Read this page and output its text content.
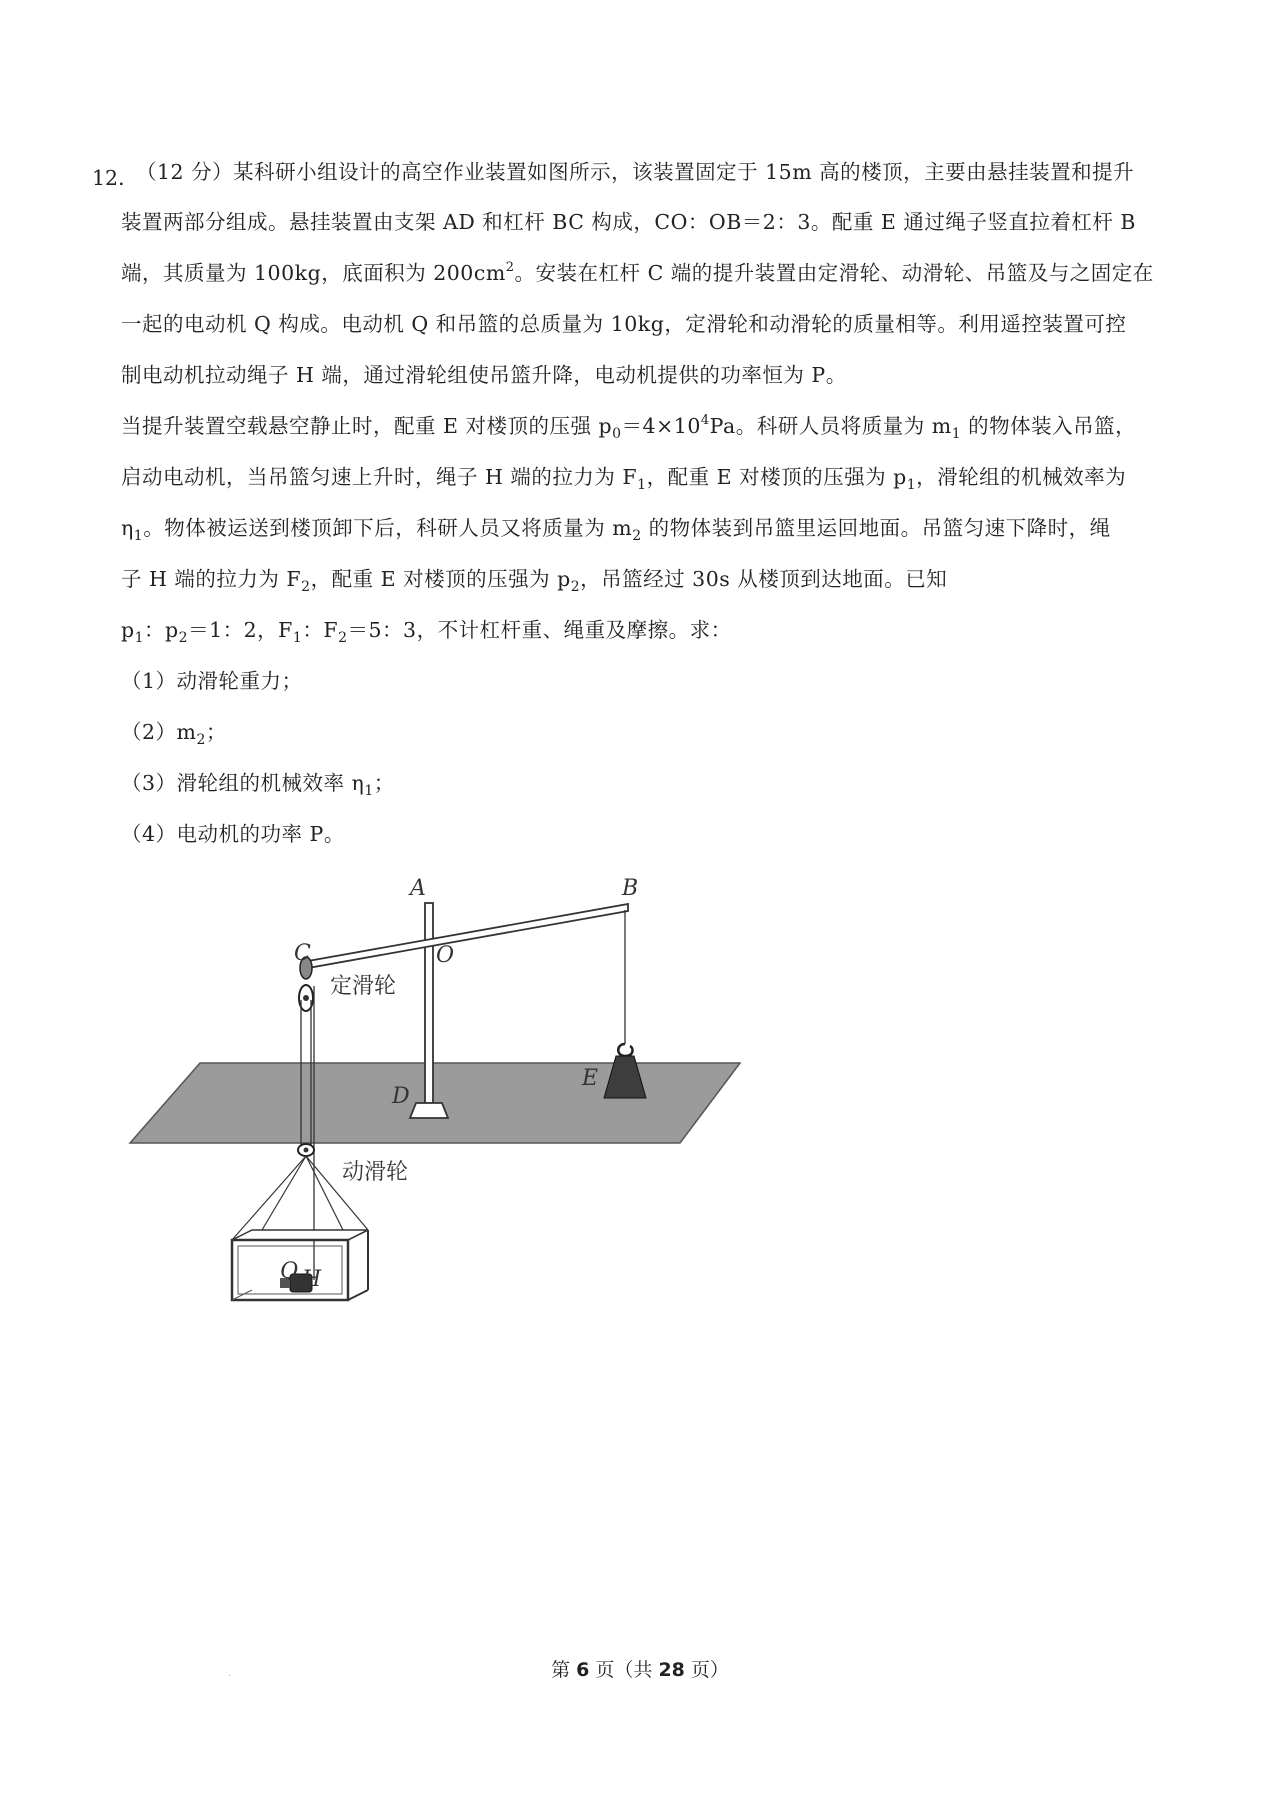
12．
（12 分）某科研小组设计的高空作业装置如图所示，该装置固定于 15m 高的楼顶，主要由悬挂装置和提升
装置两部分组成。悬挂装置由支架 AD 和杠杆 BC 构成，CO：OB＝2：3。配重 E 通过绳子竖直拉着杠杆 B
端，其质量为 100kg，底面积为 $200cm^2$。安装在杠杆 C 端的提升装置由定滑轮、动滑轮、吊篮及与之固定在
一起的电动机 Q 构成。电动机 Q 和吊篮的总质量为 10kg，定滑轮和动滑轮的质量相等。利用遥控装置可控
制电动机拉动绳子 H 端，通过滑轮组使吊篮升降，电动机提供的功率恒为 P。
当提升装置空载悬空静止时，配重 E 对楼顶的压强 $p_0=4\times 10^4Pa$。科研人员将质量为 $m_1$ 的物体装入吊篮，
启动电动机，当吊篮匀速上升时，绳子 H 端的拉力为 $F_1$，配重 E 对楼顶的压强为 $p_1$，滑轮组的机械效率为
$\eta_1$。物体被运送到楼顶卸下后，科研人员又将质量为 $m_2$ 的物体装到吊篮里运回地面。吊篮匀速下降时，绳
子 H 端的拉力为 $F_2$，配重 E 对楼顶的压强为 $p_2$，吊篮经过 30s 从楼顶到达地面。已知
$p_1$：$p_2=1$：2，$F_1$：$F_2=5$：3，不计杠杆重、绳重及摩擦。求：
（1）动滑轮重力；
$(2)m_2$；
（3）滑轮组的机械效率 $\eta_1$；
（4）电动机的功率 P。
A	B
C	O
D
E
Q H
定滑轮
动滑轮
.	第 6 页（共 28 页）
